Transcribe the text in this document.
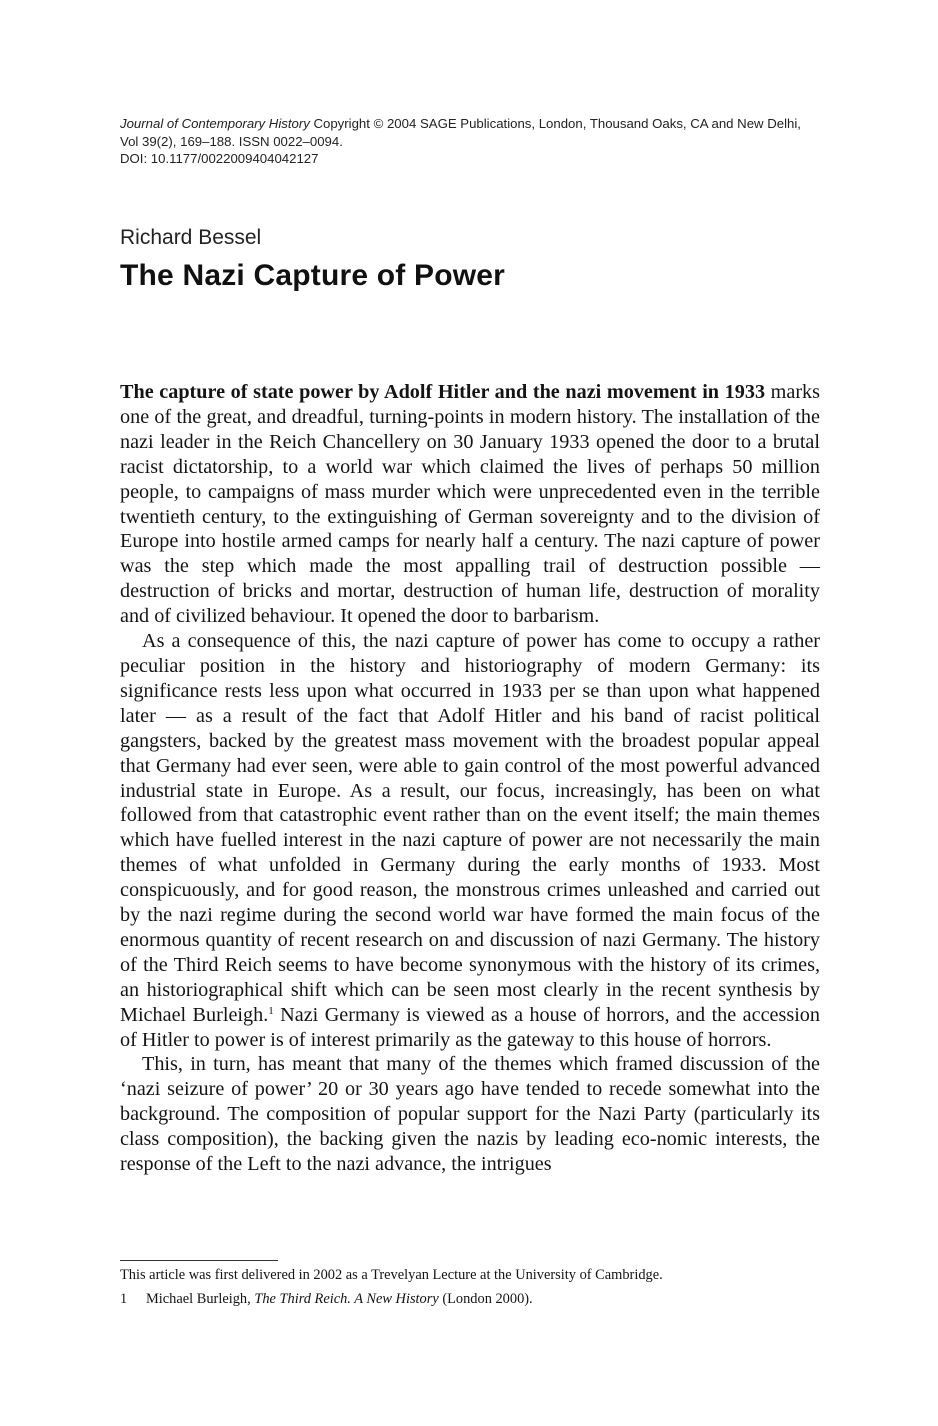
Journal of Contemporary History Copyright © 2004 SAGE Publications, London, Thousand Oaks, CA and New Delhi, Vol 39(2), 169–188. ISSN 0022–0094.
DOI: 10.1177/0022009404042127
Richard Bessel
The Nazi Capture of Power

The capture of state power by Adolf Hitler and the nazi movement in 1933 marks one of the great, and dreadful, turning-points in modern history. The installation of the nazi leader in the Reich Chancellery on 30 January 1933 opened the door to a brutal racist dictatorship, to a world war which claimed the lives of perhaps 50 million people, to campaigns of mass murder which were unprecedented even in the terrible twentieth century, to the extinguishing of German sovereignty and to the division of Europe into hostile armed camps for nearly half a century. The nazi capture of power was the step which made the most appalling trail of destruction possible — destruction of bricks and mortar, destruction of human life, destruction of morality and of civilized behaviour. It opened the door to barbarism.

As a consequence of this, the nazi capture of power has come to occupy a rather peculiar position in the history and historiography of modern Germany: its significance rests less upon what occurred in 1933 per se than upon what happened later — as a result of the fact that Adolf Hitler and his band of racist political gangsters, backed by the greatest mass movement with the broadest popular appeal that Germany had ever seen, were able to gain control of the most powerful advanced industrial state in Europe. As a result, our focus, increasingly, has been on what followed from that catastrophic event rather than on the event itself; the main themes which have fuelled interest in the nazi capture of power are not necessarily the main themes of what unfolded in Germany during the early months of 1933. Most conspicuously, and for good reason, the monstrous crimes unleashed and carried out by the nazi regime during the second world war have formed the main focus of the enormous quantity of recent research on and discussion of nazi Germany. The history of the Third Reich seems to have become synonymous with the history of its crimes, an historiographical shift which can be seen most clearly in the recent synthesis by Michael Burleigh.$^1$ Nazi Germany is viewed as a house of horrors, and the accession of Hitler to power is of interest primarily as the gateway to this house of horrors.

This, in turn, has meant that many of the themes which framed discussion of the ‘nazi seizure of power’ 20 or 30 years ago have tended to recede somewhat into the background. The composition of popular support for the Nazi Party (particularly its class composition), the backing given the nazis by leading eco-nomic interests, the response of the Left to the nazi advance, the intrigues

This article was first delivered in 2002 as a Trevelyan Lecture at the University of Cambridge.

1 Michael Burleigh, The Third Reich. A New History (London 2000).
